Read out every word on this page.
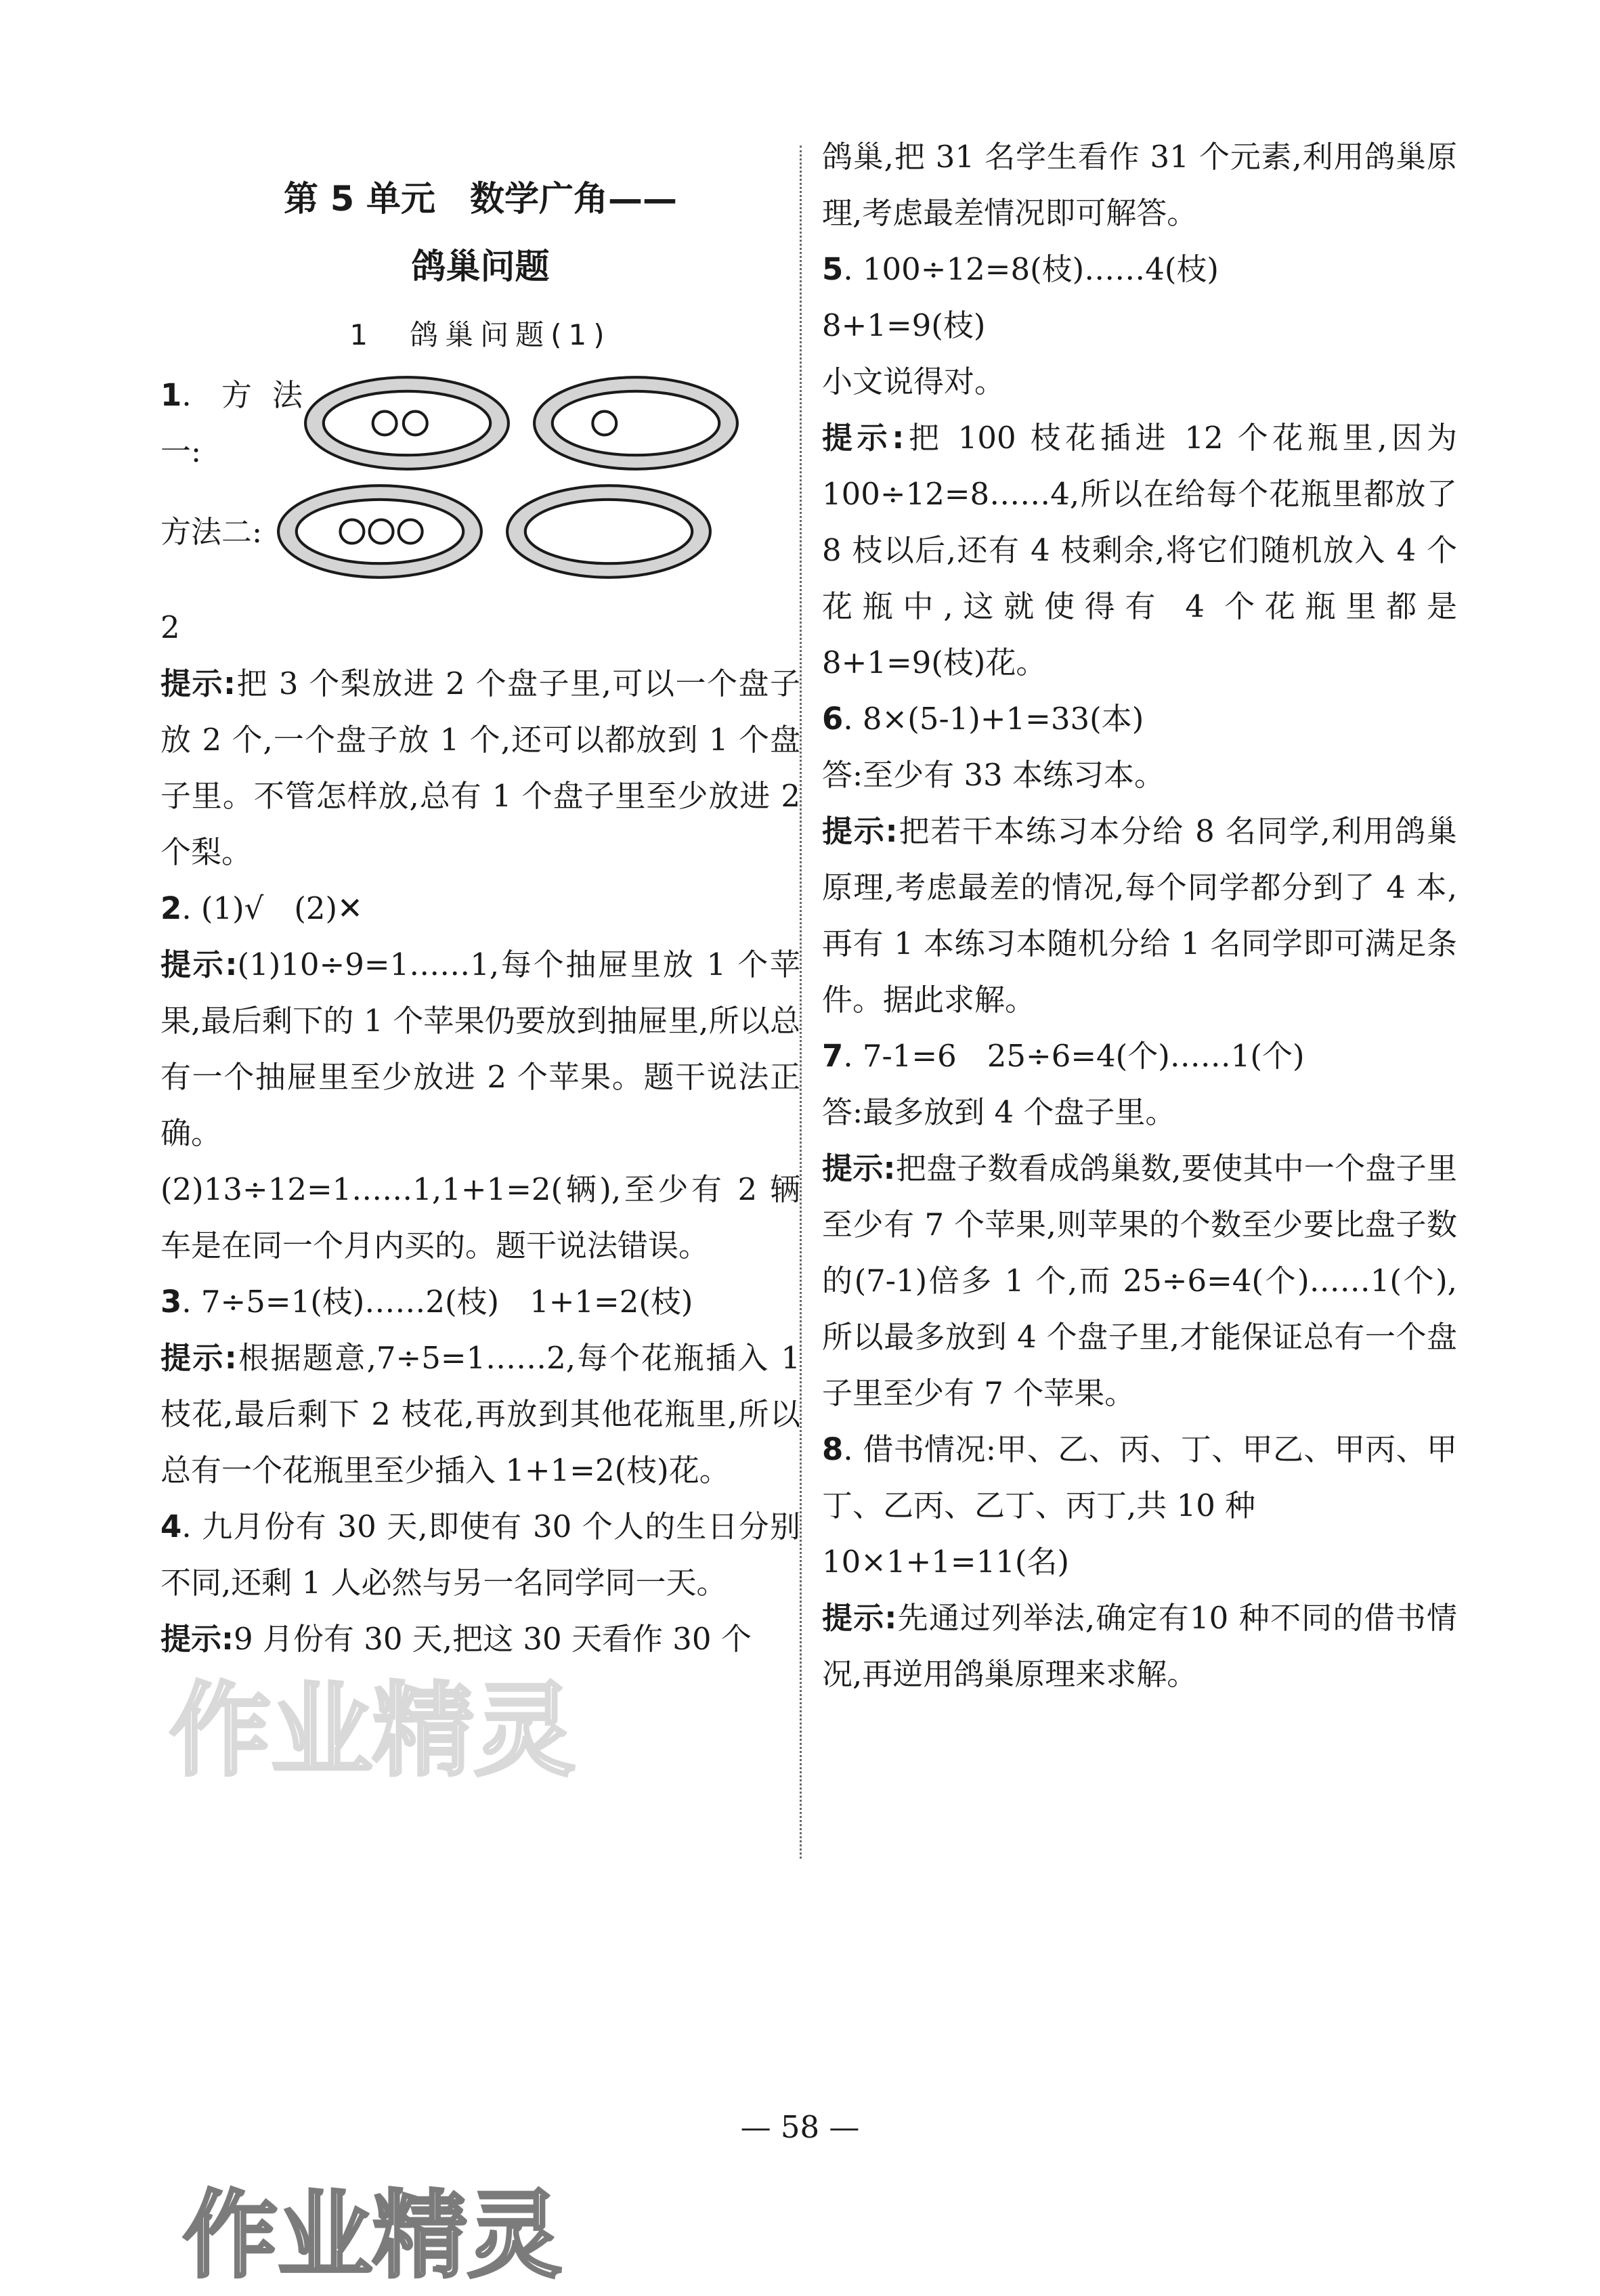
第 5 单元　数学广角——

鸽巢问题

1　鸽巢问题(1)

1. 方法一:
方法二:

2

提示:把 3 个梨放进 2 个盘子里,可以一个盘子放 2 个,一个盘子放 1 个,还可以都放到 1 个盘子里。不管怎样放,总有 1 个盘子里至少放进 2 个梨。

2. (1)√　(2)✕

提示:(1)10÷9=1……1,每个抽屉里放 1 个苹果,最后剩下的 1 个苹果仍要放到抽屉里,所以总有一个抽屉里至少放进 2 个苹果。题干说法正确。

(2)13÷12=1……1,1+1=2(辆),至少有 2 辆车是在同一个月内买的。题干说法错误。

3. 7÷5=1(枝)……2(枝)　1+1=2(枝)

提示:根据题意,7÷5=1……2,每个花瓶插入 1 枝花,最后剩下 2 枝花,再放到其他花瓶里,所以总有一个花瓶里至少插入 1+1=2(枝)花。

4. 九月份有 30 天,即使有 30 个人的生日分别不同,还剩 1 人必然与另一名同学同一天。

提示:9 月份有 30 天,把这 30 天看作 30 个

鸽巢,把 31 名学生看作 31 个元素,利用鸽巢原理,考虑最差情况即可解答。

5. 100÷12=8(枝)……4(枝)

8+1=9(枝)

小文说得对。

提示:把 100 枝花插进 12 个花瓶里,因为 100÷12=8……4,所以在给每个花瓶里都放了8 枝以后,还有 4 枝剩余,将它们随机放入 4 个花瓶中,这就使得有 4 个花瓶里都是 8+1=9(枝)花。

6. 8×(5-1)+1=33(本)

答:至少有 33 本练习本。

提示:把若干本练习本分给 8 名同学,利用鸽巢原理,考虑最差的情况,每个同学都分到了 4 本,再有 1 本练习本随机分给 1 名同学即可满足条件。据此求解。

7. 7-1=6　25÷6=4(个)……1(个)

答:最多放到 4 个盘子里。

提示:把盘子数看成鸽巢数,要使其中一个盘子里至少有 7 个苹果,则苹果的个数至少要比盘子数的(7-1)倍多 1 个,而 25÷6=4(个)……1(个),所以最多放到 4 个盘子里,才能保证总有一个盘子里至少有 7 个苹果。

8. 借书情况:甲、乙、丙、丁、甲乙、甲丙、甲丁、乙丙、乙丁、丙丁,共 10 种

10×1+1=11(名)

提示:先通过列举法,确定有10 种不同的借书情况,再逆用鸽巢原理来求解。

— 58 —
作业精灵
作业精灵
